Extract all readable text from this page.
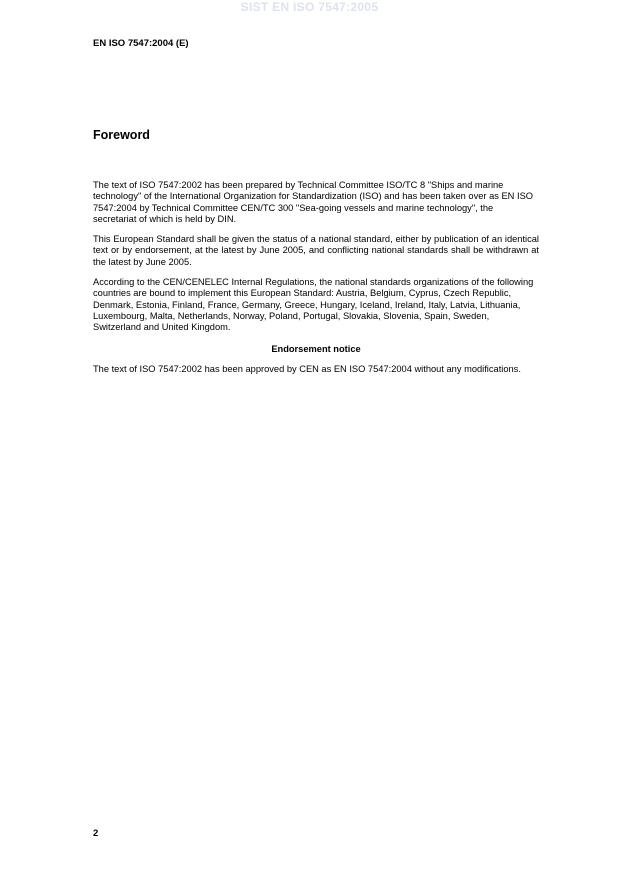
SIST EN ISO 7547:2005
EN ISO 7547:2004 (E)
Foreword

The text of ISO 7547:2002 has been prepared by Technical Committee ISO/TC 8 "Ships and marine technology" of the International Organization for Standardization (ISO) and has been taken over as EN ISO 7547:2004 by Technical Committee CEN/TC 300 "Sea-going vessels and marine technology", the secretariat of which is held by DIN.

This European Standard shall be given the status of a national standard, either by publication of an identical text or by endorsement, at the latest by June 2005, and conflicting national standards shall be withdrawn at the latest by June 2005.

According to the CEN/CENELEC Internal Regulations, the national standards organizations of the following countries are bound to implement this European Standard: Austria, Belgium, Cyprus, Czech Republic, Denmark, Estonia, Finland, France, Germany, Greece, Hungary, Iceland, Ireland, Italy, Latvia, Lithuania, Luxembourg, Malta, Netherlands, Norway, Poland, Portugal, Slovakia, Slovenia, Spain, Sweden, Switzerland and United Kingdom.

Endorsement notice

The text of ISO 7547:2002 has been approved by CEN as EN ISO 7547:2004 without any modifications.

2
